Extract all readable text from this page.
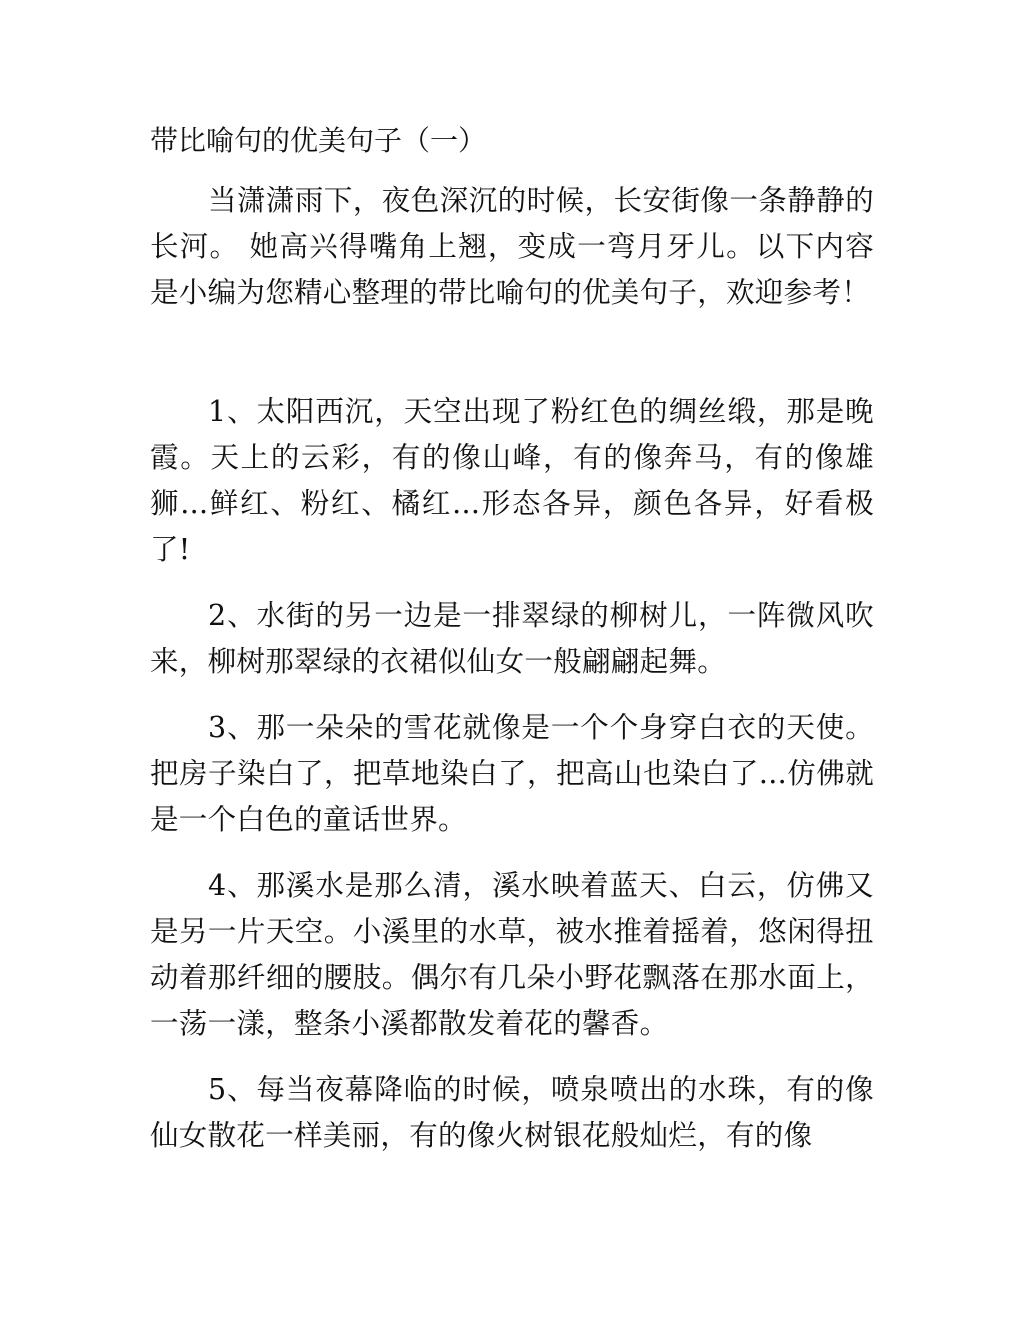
带比喻句的优美句子（一）

当潇潇雨下，夜色深沉的时候，长安街像一条静静的长河。 她高兴得嘴角上翘，变成一弯月牙儿。以下内容是小编为您精心整理的带比喻句的优美句子，欢迎参考！

1、太阳西沉，天空出现了粉红色的绸丝缎，那是晚霞。天上的云彩，有的像山峰，有的像奔马，有的像雄狮...鲜红、粉红、橘红...形态各异，颜色各异，好看极了!

2、水街的另一边是一排翠绿的柳树儿，一阵微风吹来，柳树那翠绿的衣裙似仙女一般翩翩起舞。

3、那一朵朵的雪花就像是一个个身穿白衣的天使。把房子染白了，把草地染白了，把高山也染白了...仿佛就是一个白色的童话世界。

4、那溪水是那么清，溪水映着蓝天、白云，仿佛又是另一片天空。小溪里的水草，被水推着摇着，悠闲得扭动着那纤细的腰肢。偶尔有几朵小野花飘落在那水面上，一荡一漾，整条小溪都散发着花的馨香。

5、每当夜幕降临的时候，喷泉喷出的水珠，有的像仙女散花一样美丽，有的像火树银花般灿烂，有的像
